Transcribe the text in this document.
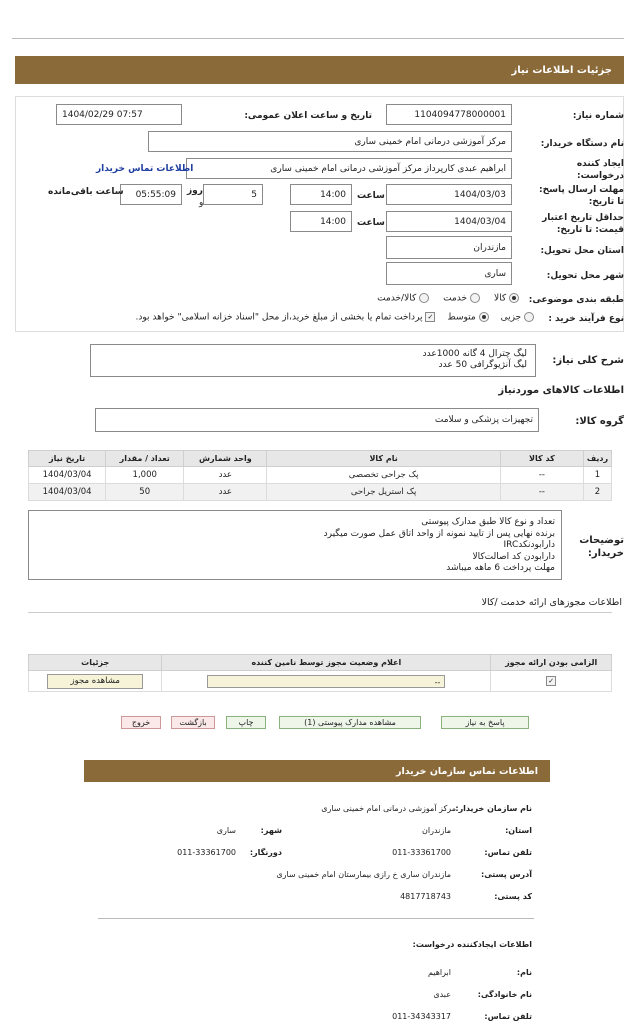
جزئیات اطلاعات نیاز
شماره نیاز:
1104094778000001
تاریخ و ساعت اعلان عمومی:
1404/02/29 07:57
نام دستگاه خریدار:
مرکز آموزشی درمانی امام خمینی ساری
ایجاد کننده درخواست:
ابراهیم عبدی کارپرداز مرکز آموزشی درمانی امام خمینی ساری
اطلاعات تماس خریدار
مهلت ارسال پاسخ: تا تاریخ:
1404/03/03
ساعت
14:00
5
روز
و
05:55:09
ساعت باقی‌مانده
حداقل تاریخ اعتبار قیمت: تا تاریخ:
1404/03/04
ساعت
14:00
استان محل تحویل:
مازندران
شهر محل تحویل:
ساری
طبقه بندی موضوعی:
کالا
خدمت
کالا/خدمت
نوع فرآیند خرید :
جزیی
متوسط
✓ پرداخت تمام یا بخشی از مبلغ خرید،از محل "اسناد خزانه اسلامی" خواهد بود.
شرح کلی نیاز:
لیگ چترال 4 گانه 1000عدد
لیگ آنژیوگرافی 50 عدد
اطلاعات کالاهای موردنیاز
گروه کالا:
تجهیزات پزشکی و سلامت
ردیف	کد کالا	نام کالا	واحد شمارش	تعداد / مقدار	تاریخ نیاز
1	--	پک جراحی تخصصی	عدد	1,000	1404/03/04
2	--	پک استریل جراحی	عدد	50	1404/03/04
توضیحات خریدار:
تعداد و نوع کالا طبق مدارک پیوستی
برنده نهایی پس از تایید نمونه از واحد اتاق عمل صورت میگیرد
دارابودنکدIRC
دارابودن کد اصالت‌کالا
مهلت پرداخت 6 ماهه میباشد
اطلاعات مجوزهای ارائه خدمت /کالا
الزامی بودن ارائه مجوز	اعلام وضعیت مجوز توسط نامین کننده	جزئیات
✓	--	مشاهده مجوز
پاسخ به نیاز
مشاهده مدارک پیوستی (1)
چاپ
بازگشت
خروج
اطلاعات تماس سازمان خریدار
نام سازمان خریدار:
مرکز آموزشی درمانی امام خمینی ساری
استان:
مازندران
شهر:
ساری
تلفن تماس:
011-33361700
دورنگار:
011-33361700
آدرس پستی:
مازندران ساری خ رازی بیمارستان امام خمینی ساری
کد پستی:
4817718743
اطلاعات ایجادکننده درخواست:
نام:
ابراهیم
نام خانوادگی:
عبدی
تلفن تماس:
011-34343317
